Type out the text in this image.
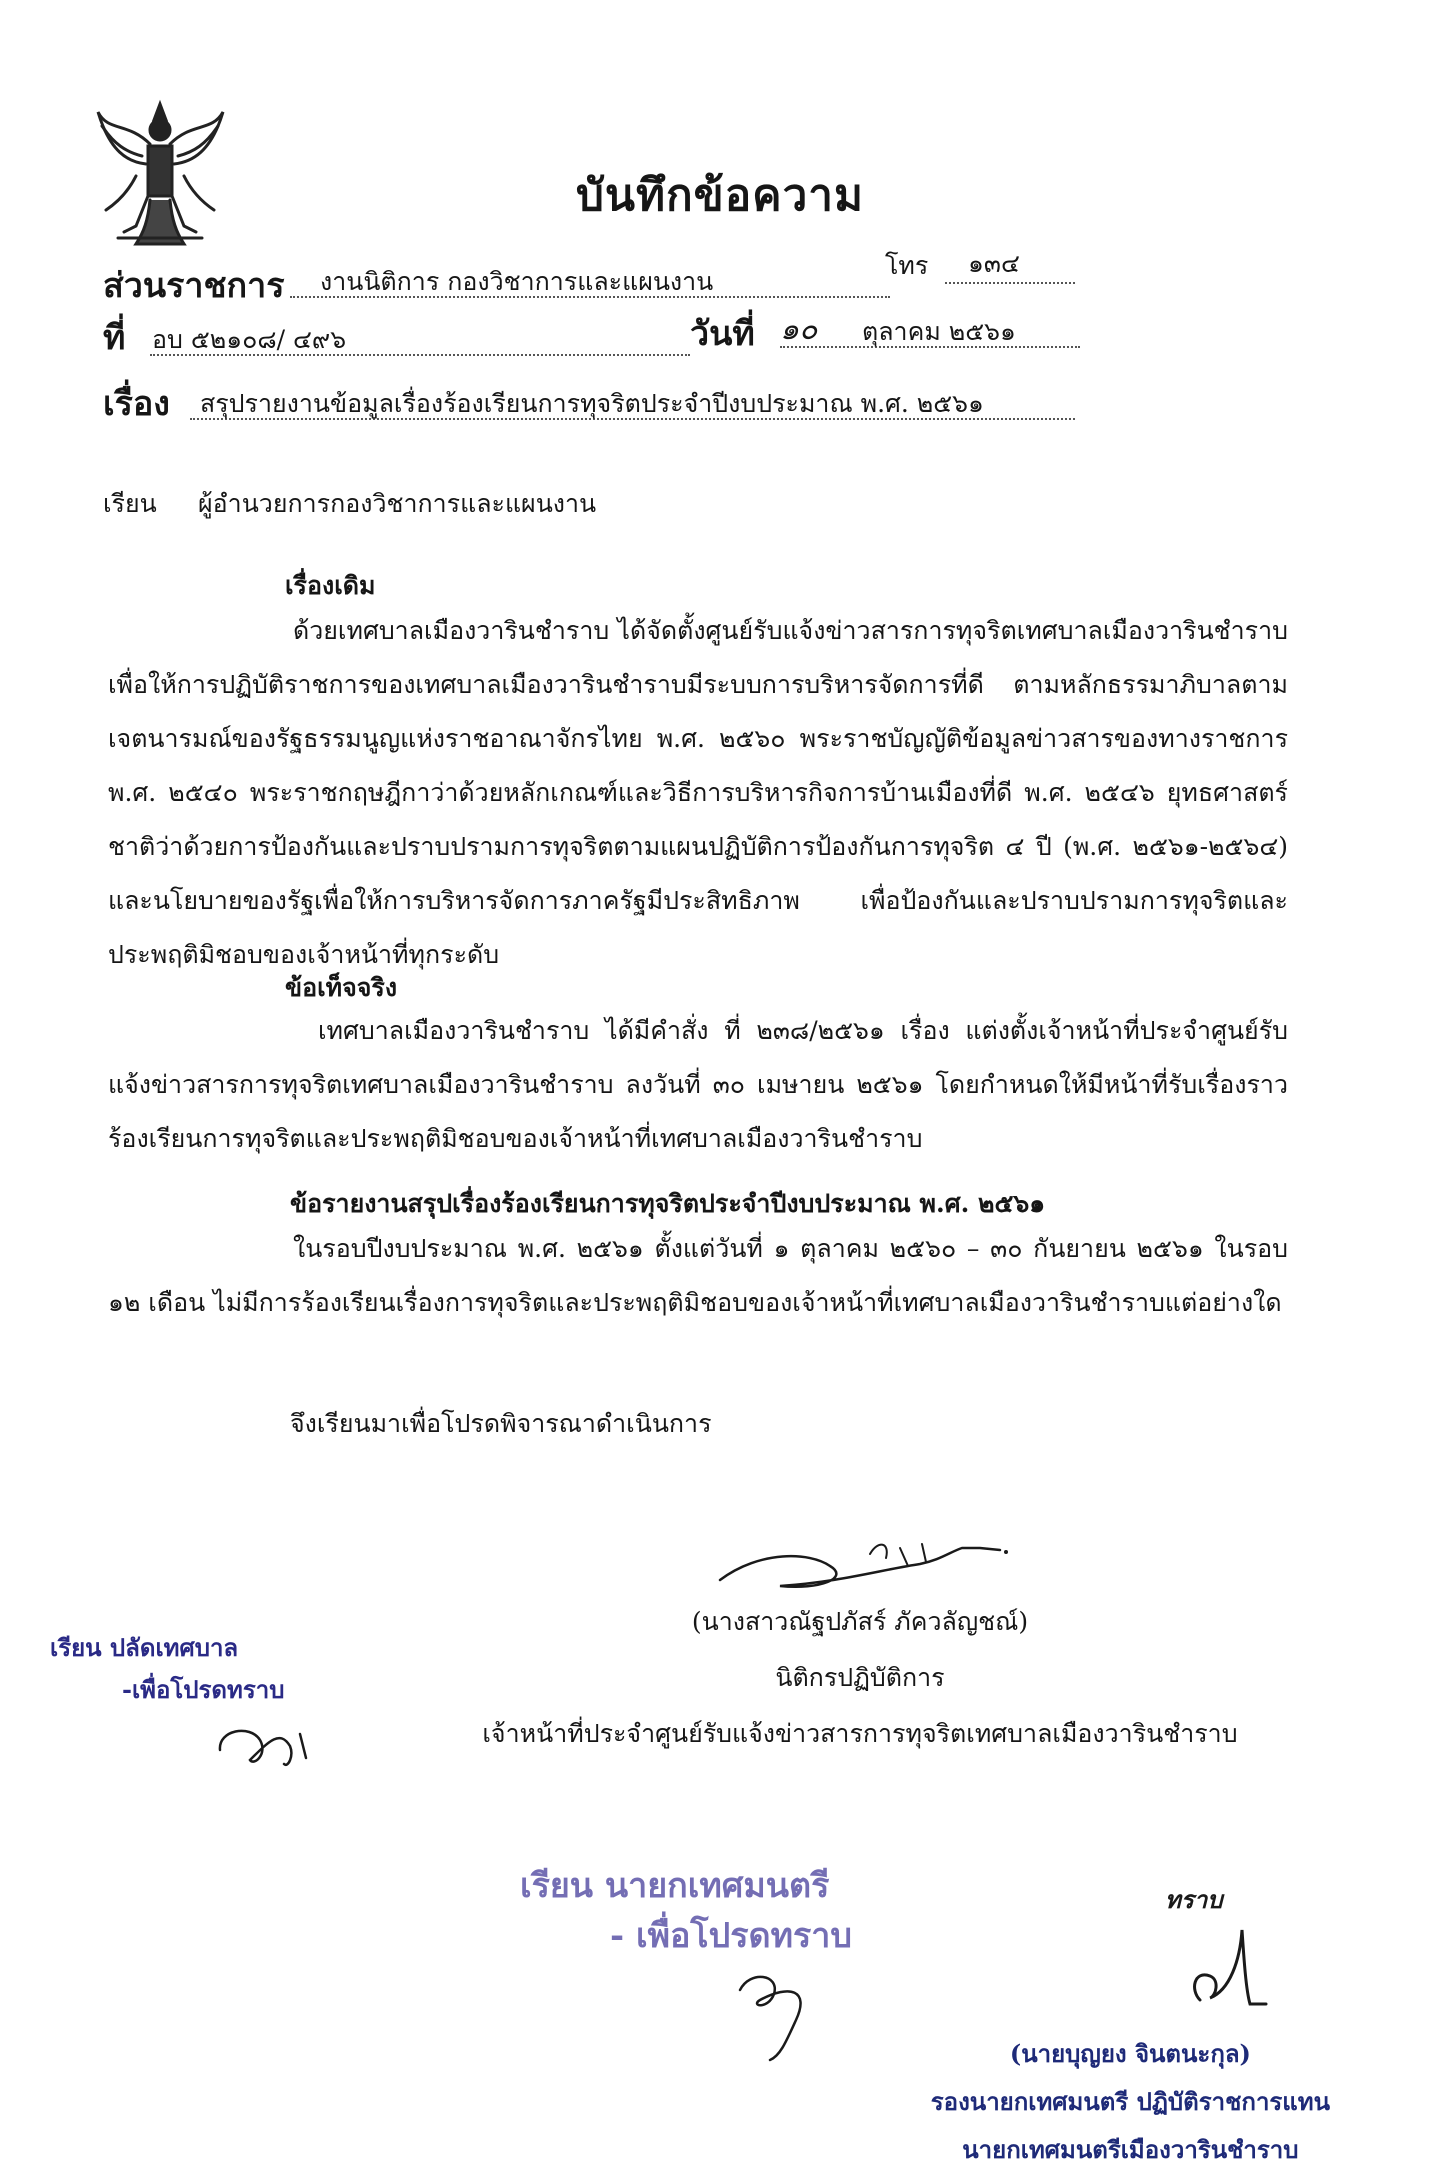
บันทึกข้อความ
ส่วนราชการ งานนิติการ กองวิชาการและแผนงาน
โทร ๑๓๔
ที่ อบ ๕๒๑๐๘/ ๔๙๖	วันที่ ๑๐ ตุลาคม ๒๕๖๑
เรื่อง สรุปรายงานข้อมูลเรื่องร้องเรียนการทุจริตประจำปีงบประมาณ พ.ศ. ๒๕๖๑
เรียน ผู้อำนวยการกองวิชาการและแผนงาน
เรื่องเดิม
ด้วยเทศบาลเมืองวารินชำราบ ได้จัดตั้งศูนย์รับแจ้งข่าวสารการทุจริตเทศบาลเมืองวารินชำราบ เพื่อให้การปฏิบัติราชการของเทศบาลเมืองวารินชำราบมีระบบการบริหารจัดการที่ดี ตามหลักธรรมาภิบาลตามเจตนารมณ์ของรัฐธรรมนูญแห่งราชอาณาจักรไทย พ.ศ. ๒๕๖๐ พระราชบัญญัติข้อมูลข่าวสารของทางราชการ พ.ศ. ๒๕๔๐ พระราชกฤษฎีกาว่าด้วยหลักเกณฑ์และวิธีการบริหารกิจการบ้านเมืองที่ดี พ.ศ. ๒๕๔๖ ยุทธศาสตร์ชาติว่าด้วยการป้องกันและปราบปรามการทุจริตตามแผนปฏิบัติการป้องกันการทุจริต ๔ ปี (พ.ศ. ๒๕๖๑-๒๕๖๔) และนโยบายของรัฐเพื่อให้การบริหารจัดการภาครัฐมีประสิทธิภาพ เพื่อป้องกันและปราบปรามการทุจริตและประพฤติมิชอบของเจ้าหน้าที่ทุกระดับ
ข้อเท็จจริง
เทศบาลเมืองวารินชำราบ ได้มีคำสั่ง ที่ ๒๓๘/๒๕๖๑ เรื่อง แต่งตั้งเจ้าหน้าที่ประจำศูนย์รับแจ้งข่าวสารการทุจริตเทศบาลเมืองวารินชำราบ ลงวันที่ ๓๐ เมษายน ๒๕๖๑ โดยกำหนดให้มีหน้าที่รับเรื่องราวร้องเรียนการทุจริตและประพฤติมิชอบของเจ้าหน้าที่เทศบาลเมืองวารินชำราบ
ข้อรายงานสรุปเรื่องร้องเรียนการทุจริตประจำปีงบประมาณ พ.ศ. ๒๕๖๑
ในรอบปีงบประมาณ พ.ศ. ๒๕๖๑ ตั้งแต่วันที่ ๑ ตุลาคม ๒๕๖๐ – ๓๐ กันยายน ๒๕๖๑ ในรอบ ๑๒ เดือน ไม่มีการร้องเรียนเรื่องการทุจริตและประพฤติมิชอบของเจ้าหน้าที่เทศบาลเมืองวารินชำราบแต่อย่างใด
จึงเรียนมาเพื่อโปรดพิจารณาดำเนินการ
(นางสาวณัฐปภัสร์ ภัควลัญชณ์)
นิติกรปฏิบัติการ
เจ้าหน้าที่ประจำศูนย์รับแจ้งข่าวสารการทุจริตเทศบาลเมืองวารินชำราบ
เรียน ปลัดเทศบาล
-เพื่อโปรดทราบ
เรียน นายกเทศมนตรี
- เพื่อโปรดทราบ
ทราบ
(นายบุญยง จินตนะกุล)
รองนายกเทศมนตรี ปฏิบัติราชการแทน
นายกเทศมนตรีเมืองวารินชำราบ
